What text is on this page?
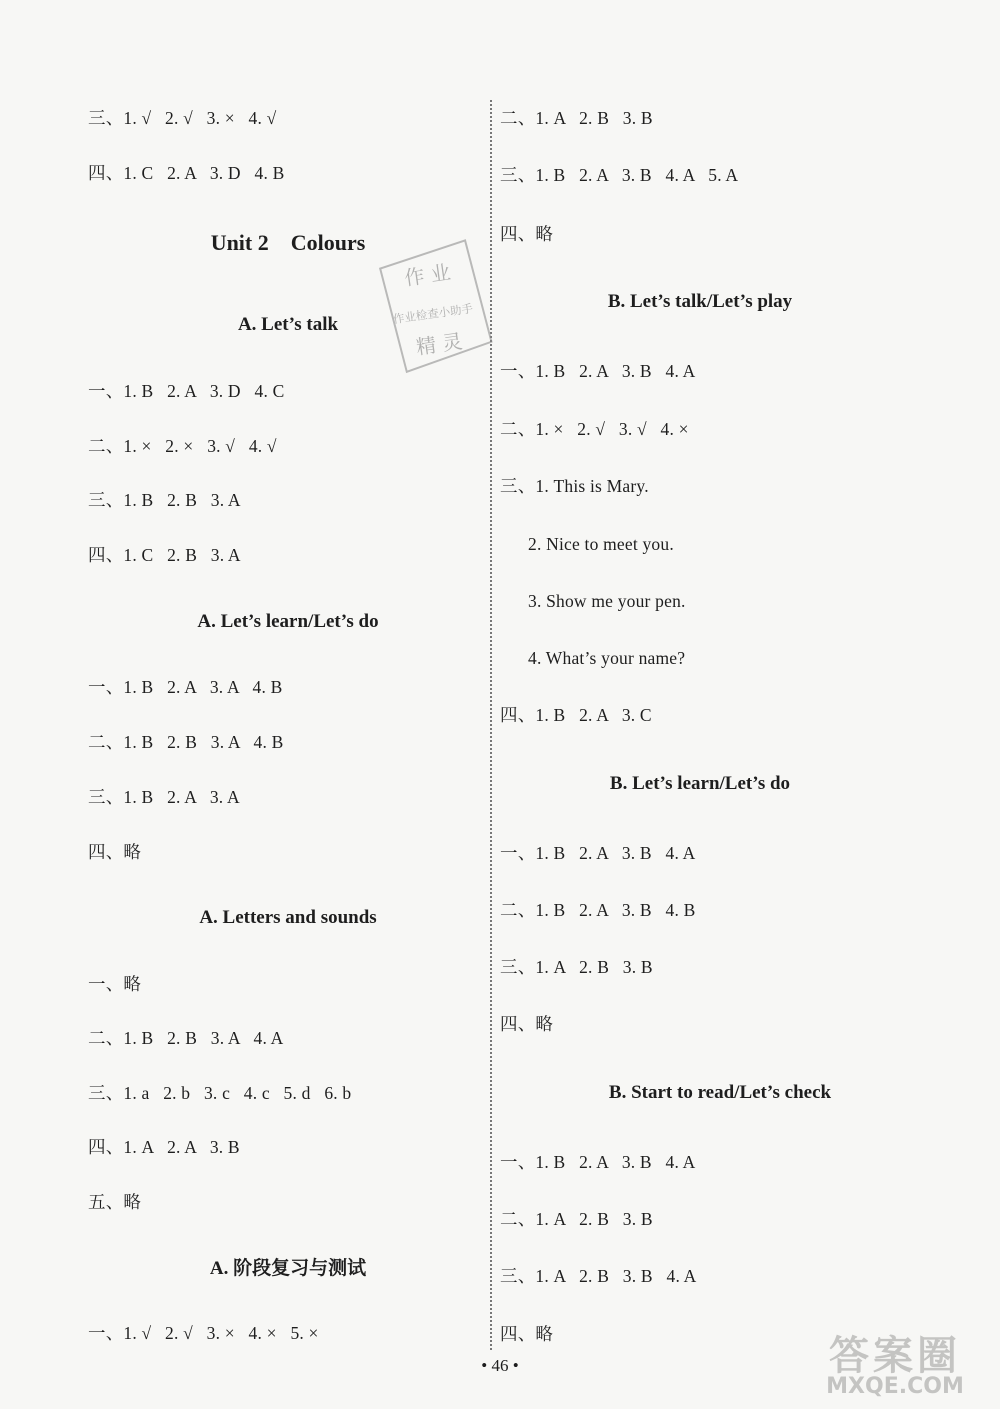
三、1. √   2. √   3. ×   4. √
四、1. C   2. A   3. D   4. B
Unit 2    Colours
A. Let’s talk
一、1. B   2. A   3. D   4. C
二、1. ×   2. ×   3. √   4. √
三、1. B   2. B   3. A
四、1. C   2. B   3. A
A. Let’s learn/Let’s do
一、1. B   2. A   3. A   4. B
二、1. B   2. B   3. A   4. B
三、1. B   2. A   3. A
四、略
A. Letters and sounds
一、略
二、1. B   2. B   3. A   4. A
三、1. a   2. b   3. c   4. c   5. d   6. b
四、1. A   2. A   3. B
五、略
A. 阶段复习与测试
一、1. √   2. √   3. ×   4. ×   5. ×
二、1. A   2. B   3. B
三、1. B   2. A   3. B   4. A   5. A
四、略
B. Let’s talk/Let’s play
一、1. B   2. A   3. B   4. A
二、1. ×   2. √   3. √   4. ×
三、1. This is Mary.
2. Nice to meet you.
3. Show me your pen.
4. What’s your name?
四、1. B   2. A   3. C
B. Let’s learn/Let’s do
一、1. B   2. A   3. B   4. A
二、1. B   2. A   3. B   4. B
三、1. A   2. B   3. B
四、略
B. Start to read/Let’s check
一、1. B   2. A   3. B   4. A
二、1. A   2. B   3. B
三、1. A   2. B   3. B   4. A
四、略
• 46 •
作 业
作业检查小助手
精 灵
答案圈
MXQE.COM
